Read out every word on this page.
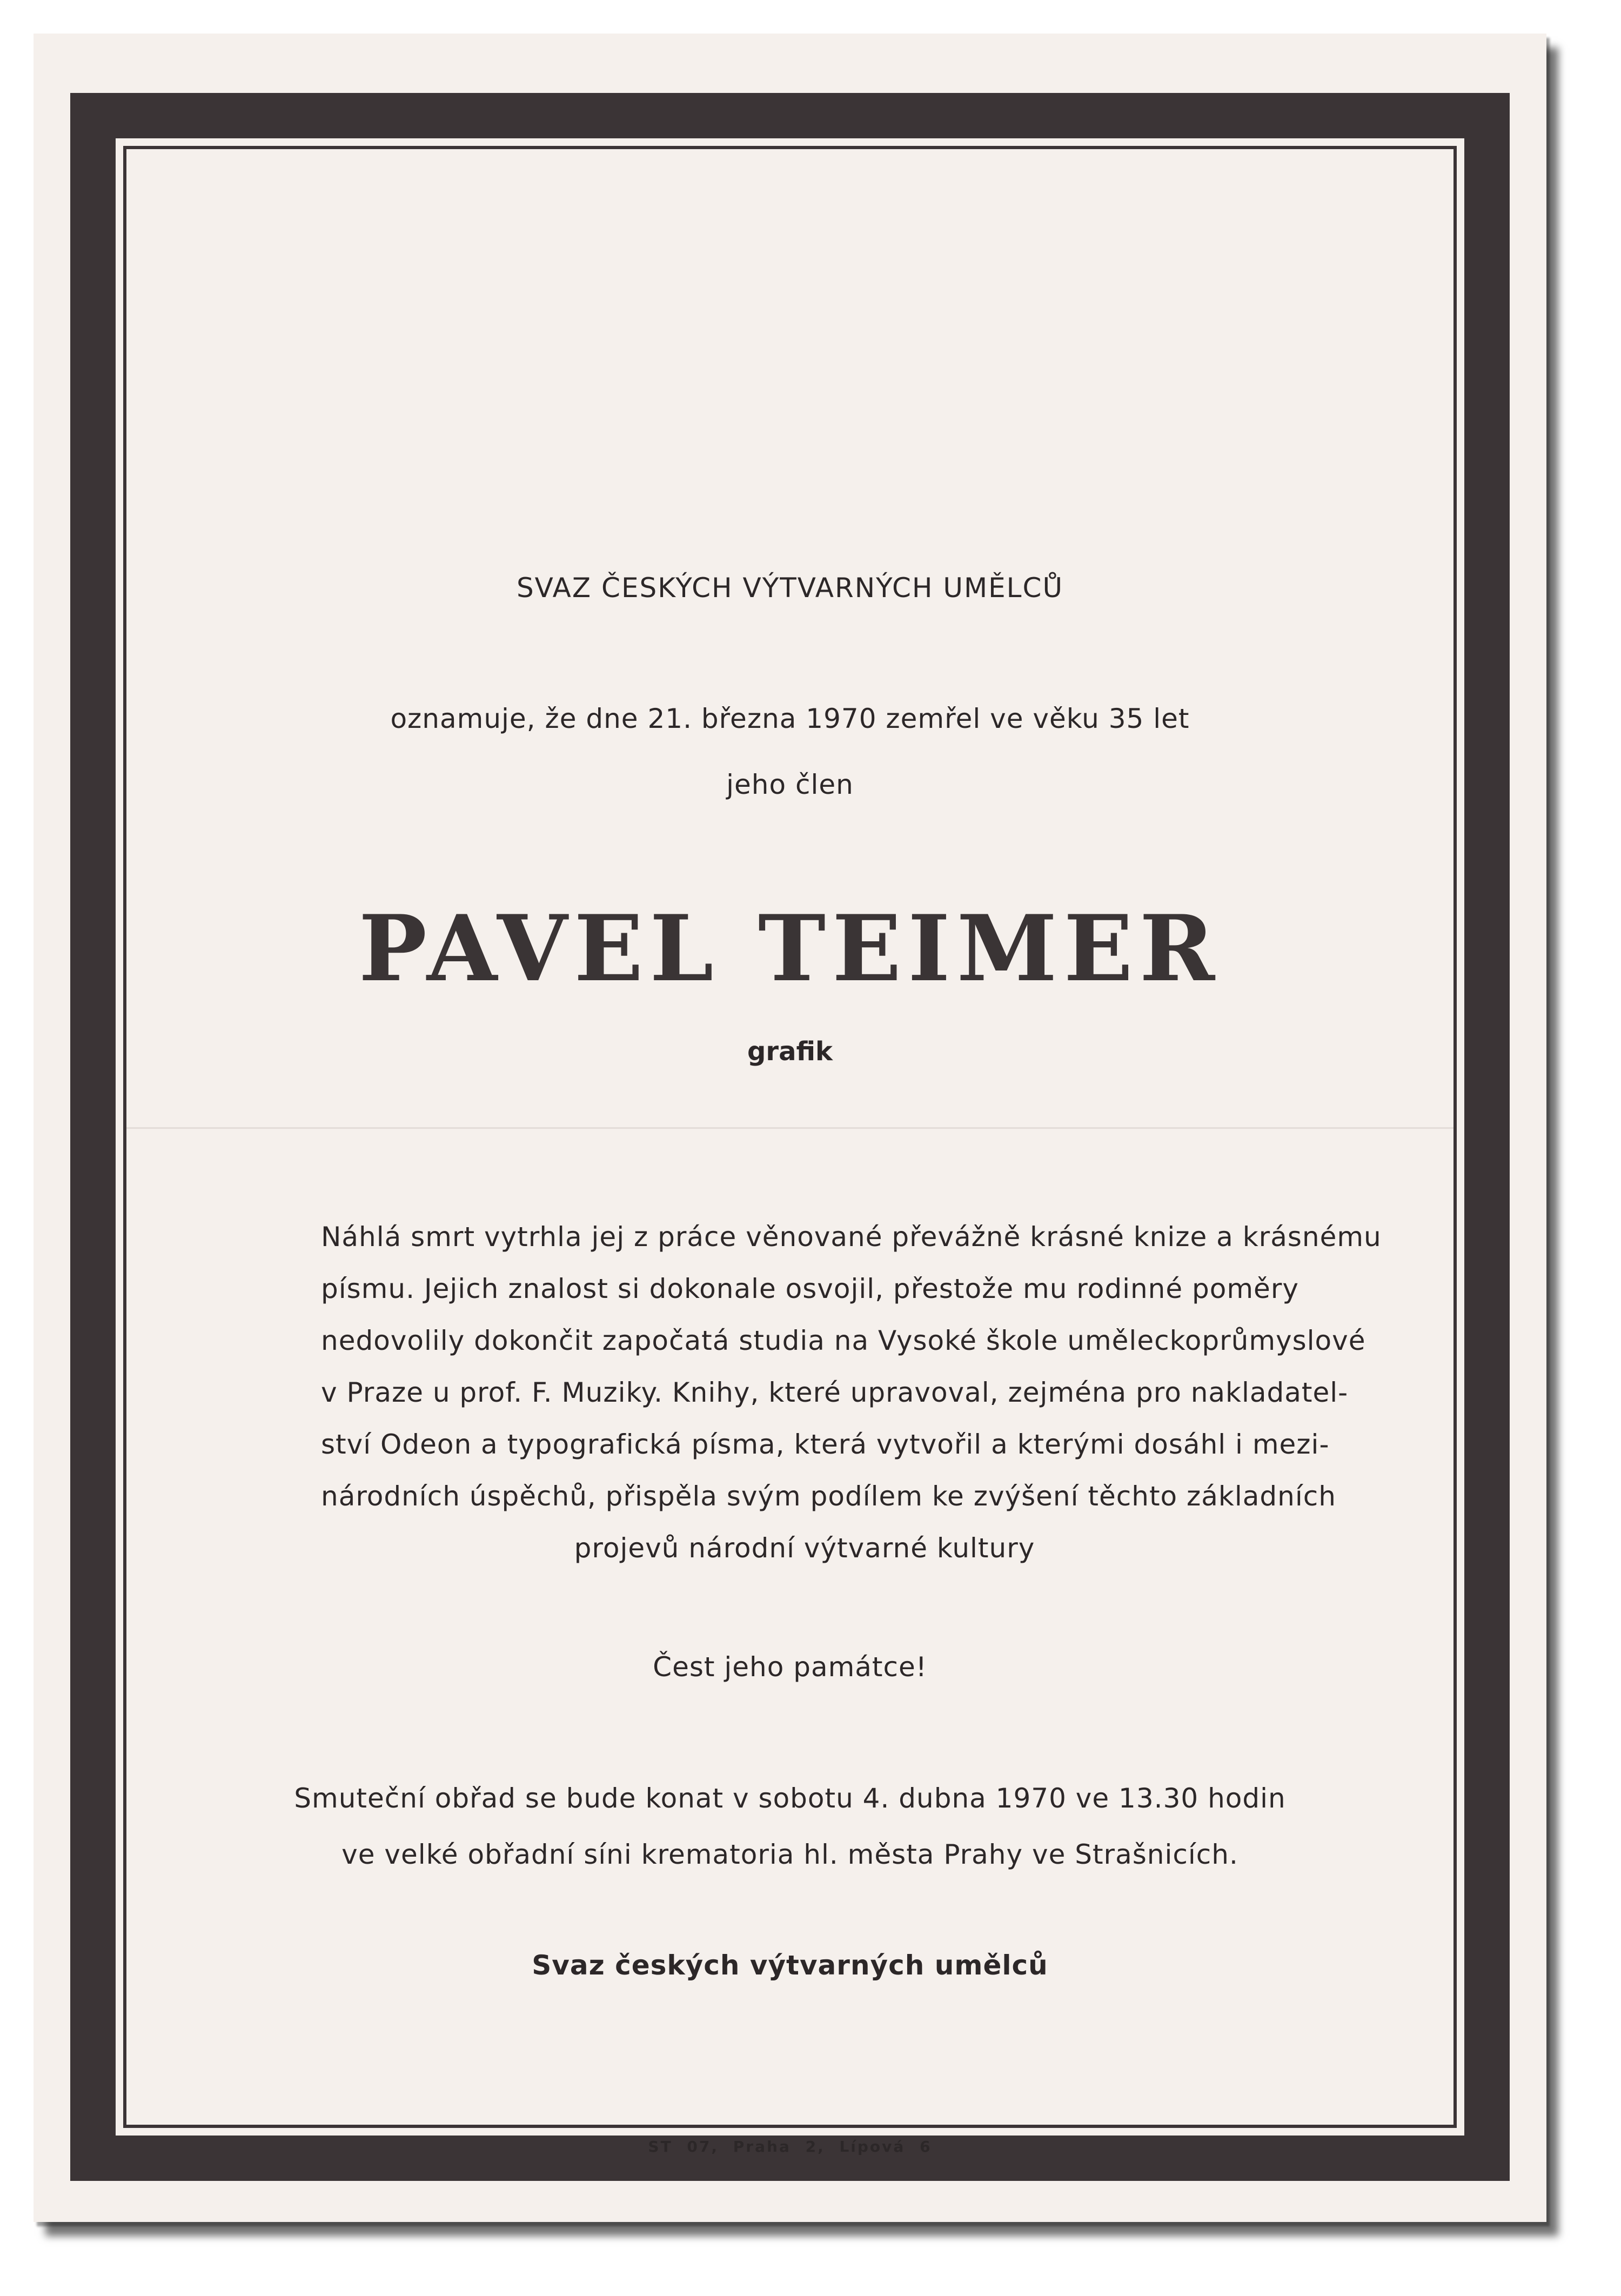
SVAZ ČESKÝCH VÝTVARNÝCH UMĚLCŮ
oznamuje, že dne 21. března 1970 zemřel ve věku 35 let
jeho člen
PAVEL TEIMER
grafik
Náhlá smrt vytrhla jej z práce věnované převážně krásné knize a krásnému
písmu. Jejich znalost si dokonale osvojil, přestože mu rodinné poměry
nedovolily dokončit započatá studia na Vysoké škole uměleckoprůmyslové
v Praze u prof. F. Muziky. Knihy, které upravoval, zejména pro nakladatel-
ství Odeon a typografická písma, která vytvořil a kterými dosáhl i mezi-
národních úspěchů, přispěla svým podílem ke zvýšení těchto základních
projevů národní výtvarné kultury
Čest jeho památce!
Smuteční obřad se bude konat v sobotu 4. dubna 1970 ve 13.30 hodin
ve velké obřadní síni krematoria hl. města Prahy ve Strašnicích.
Svaz českých výtvarných umělců
ST 07, Praha 2, Lípová 6
